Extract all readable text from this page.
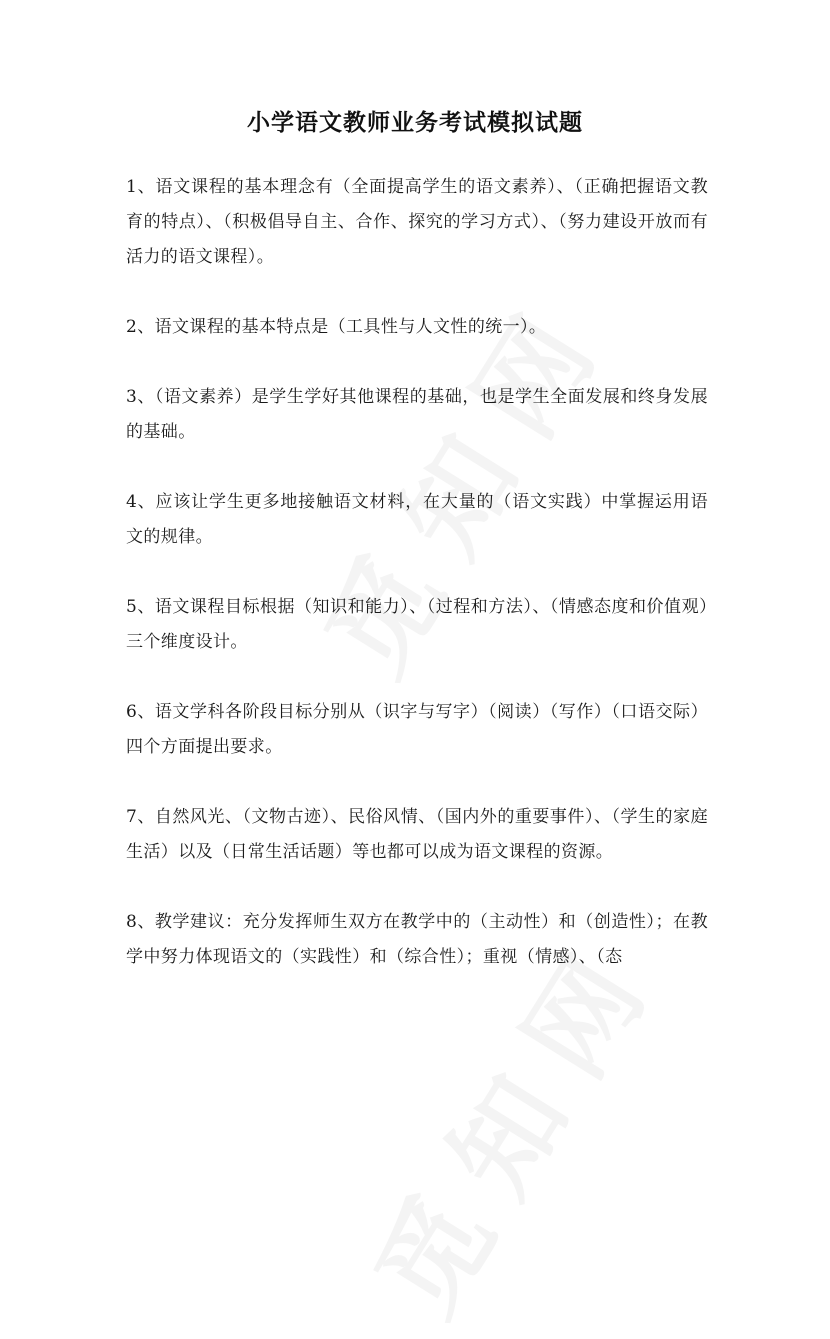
小学语文教师业务考试模拟试题

1、语文课程的基本理念有（全面提高学生的语文素养）、（正确把握语文教育的特点）、（积极倡导自主、合作、探究的学习方式）、（努力建设开放而有活力的语文课程）。

2、语文课程的基本特点是（工具性与人文性的统一）。

3、（语文素养）是学生学好其他课程的基础，也是学生全面发展和终身发展的基础。

4、应该让学生更多地接触语文材料，在大量的（语文实践）中掌握运用语文的规律。

5、语文课程目标根据（知识和能力）、（过程和方法）、（情感态度和价值观）三个维度设计。

6、语文学科各阶段目标分别从（识字与写字）（阅读）（写作）（口语交际）四个方面提出要求。

7、自然风光、（文物古迹）、民俗风情、（国内外的重要事件）、（学生的家庭生活）以及（日常生活话题）等也都可以成为语文课程的资源。

8、教学建议：充分发挥师生双方在教学中的（主动性）和（创造性）；在教学中努力体现语文的（实践性）和（综合性）；重视（情感）、（态
